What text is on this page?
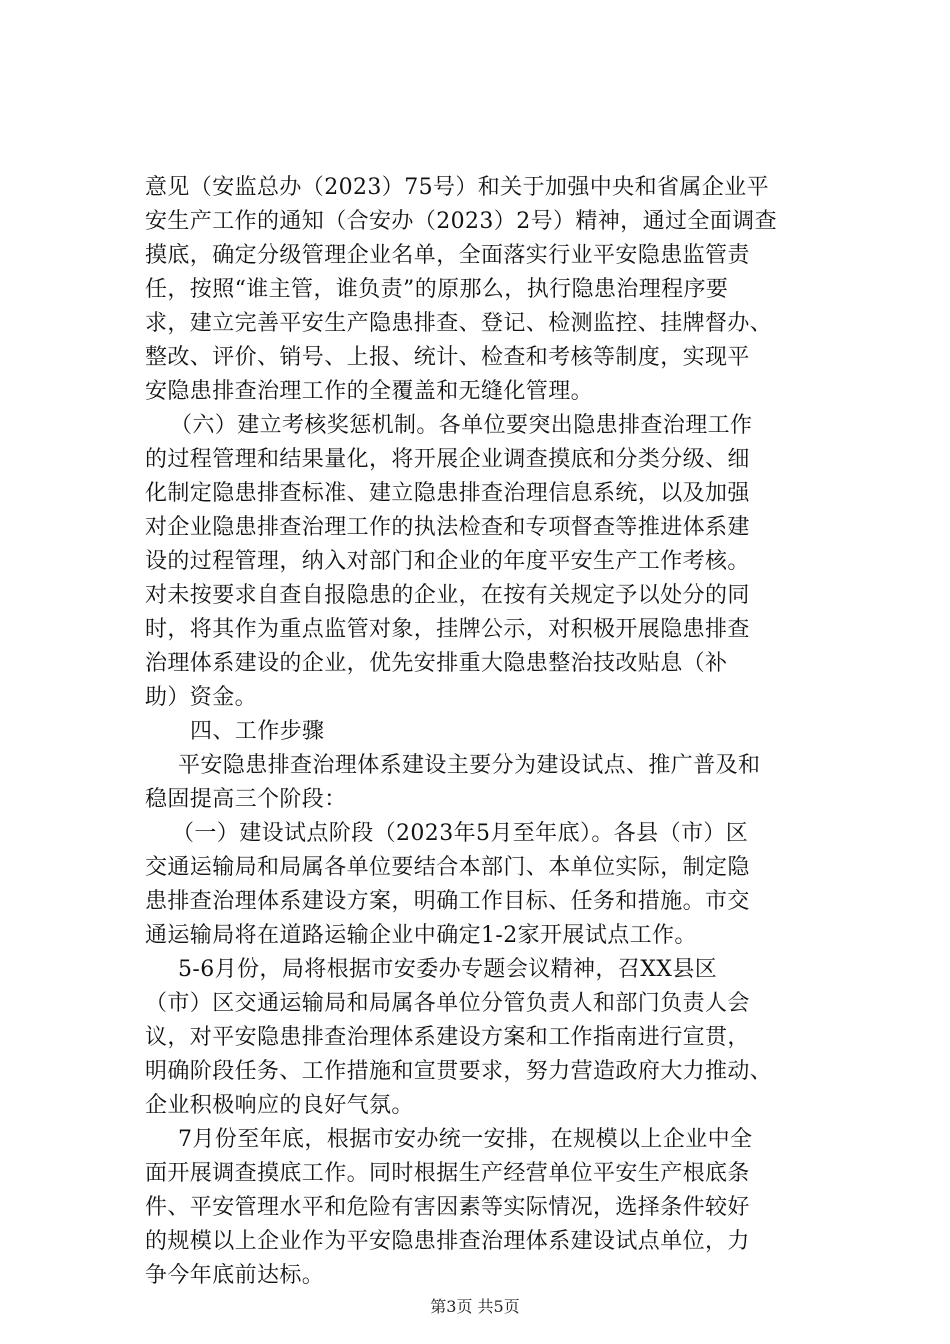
意见（安监总办（2023）75号）和关于加强中央和省属企业平
安生产工作的通知（合安办（2023）2号）精神，通过全面调查
摸底，确定分级管理企业名单，全面落实行业平安隐患监管责
任，按照“谁主管，谁负责”的原那么，执行隐患治理程序要
求，建立完善平安生产隐患排查、登记、检测监控、挂牌督办、
整改、评价、销号、上报、统计、检查和考核等制度，实现平
安隐患排查治理工作的全覆盖和无缝化管理。
（六）建立考核奖惩机制。各单位要突出隐患排查治理工作
的过程管理和结果量化，将开展企业调查摸底和分类分级、细
化制定隐患排查标准、建立隐患排查治理信息系统，以及加强
对企业隐患排查治理工作的执法检查和专项督查等推进体系建
设的过程管理，纳入对部门和企业的年度平安生产工作考核。
对未按要求自查自报隐患的企业，在按有关规定予以处分的同
时，将其作为重点监管对象，挂牌公示，对积极开展隐患排查
治理体系建设的企业，优先安排重大隐患整治技改贴息（补
助）资金。
四、工作步骤
平安隐患排查治理体系建设主要分为建设试点、推广普及和
稳固提高三个阶段：
（一）建设试点阶段（2023年5月至年底）。各县（市）区
交通运输局和局属各单位要结合本部门、本单位实际，制定隐
患排查治理体系建设方案，明确工作目标、任务和措施。市交
通运输局将在道路运输企业中确定1-2家开展试点工作。
5-6月份，局将根据市安委办专题会议精神，召XX县区
（市）区交通运输局和局属各单位分管负责人和部门负责人会
议，对平安隐患排查治理体系建设方案和工作指南进行宣贯，
明确阶段任务、工作措施和宣贯要求，努力营造政府大力推动、
企业积极响应的良好气氛。
7月份至年底，根据市安办统一安排，在规模以上企业中全
面开展调查摸底工作。同时根据生产经营单位平安生产根底条
件、平安管理水平和危险有害因素等实际情况，选择条件较好
的规模以上企业作为平安隐患排查治理体系建设试点单位，力
争今年底前达标。
第3页 共5页
